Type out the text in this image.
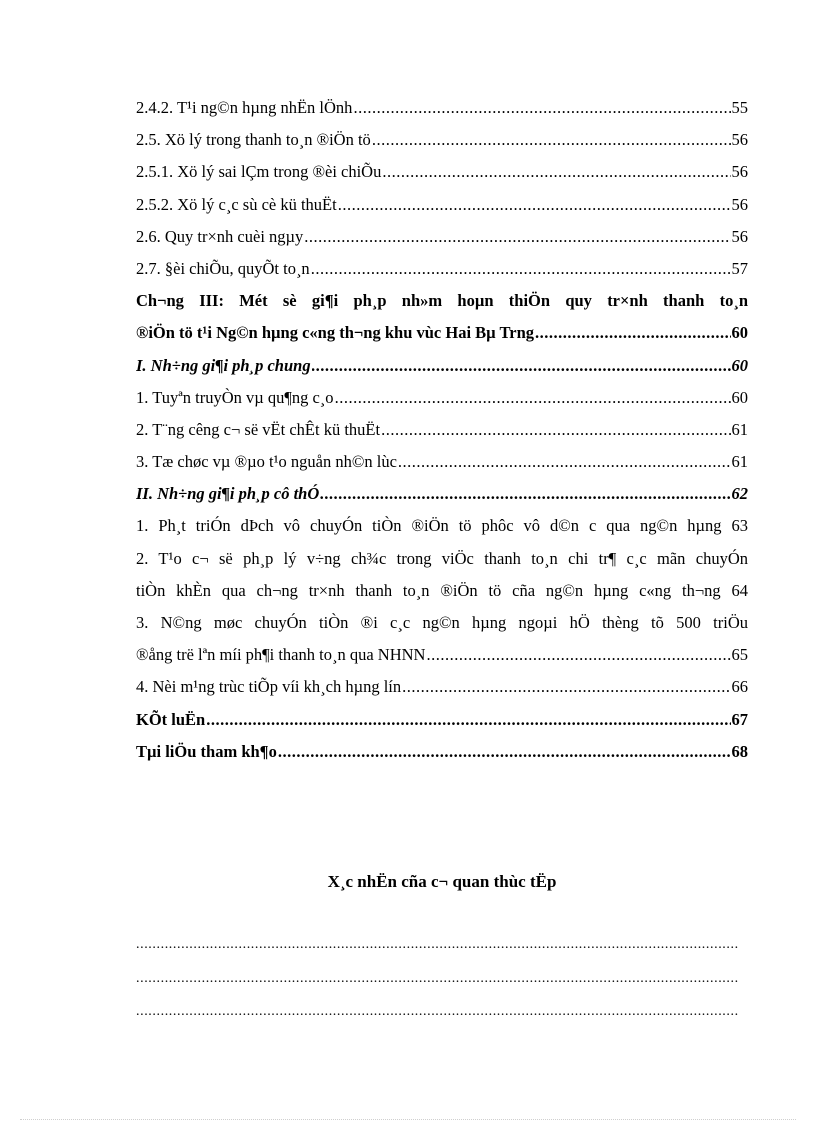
2.4.2. T¹i ng©n hµng nhËn lÖnh .....	55
2.5. Xö lý trong thanh to¸n ®iÖn tö .....	56
2.5.1. Xö lý sai lÇm trong ®èi chiÕu .....	56
2.5.2. Xö lý c¸c sù cè kü thuËt .....	56
2.6. Quy tr×nh cuèi ngµy .....	56
2.7. §èi chiÕu, quyÕt to¸n .....	57
Ch¬ng III: Mét sè gi¶i ph¸p nh»m hoµn thiÖn quy tr×nh thanh to¸n
®iÖn tö t¹i Ng©n hµng c«ng th¬ng khu vùc Hai Bµ Trng .....	60
I. Nh÷ng gi¶i ph¸p chung .....	60
1. Tuyªn truyÒn vµ qu¶ng c¸o .....	60
2. T¨ng cêng c¬ së vËt chÊt kü thuËt .....	61
3. Tæ chøc vµ ®µo t¹o nguån nh©n lùc .....	61
II. Nh÷ng gi¶i ph¸p cô thÓ .....	62
1. Ph¸t triÓn dÞch vô chuyÓn tiÒn ®iÖn tö phôc vô d©n c qua ng©n hµng 63
2. T¹o c¬ së ph¸p lý v÷ng ch¾c trong viÖc thanh to¸n chi tr¶ c¸c mãn chuyÓn
tiÒn khÈn qua ch¬ng tr×nh thanh to¸n ®iÖn tö cña ng©n hµng c«ng th¬ng 64
3. N©ng møc chuyÓn tiÒn ®i c¸c ng©n hµng ngoµi hÖ thèng tõ 500 triÖu
®ång trë lªn míi ph¶i thanh to¸n qua NHNN .....	65
4. Nèi m¹ng trùc tiÕp víi kh¸ch hµng lín .....	66
KÕt luËn .....	67
Tµi liÖu tham kh¶o .....	68
X¸c nhËn cña c¬ quan thùc tËp
.....
.....
.....
